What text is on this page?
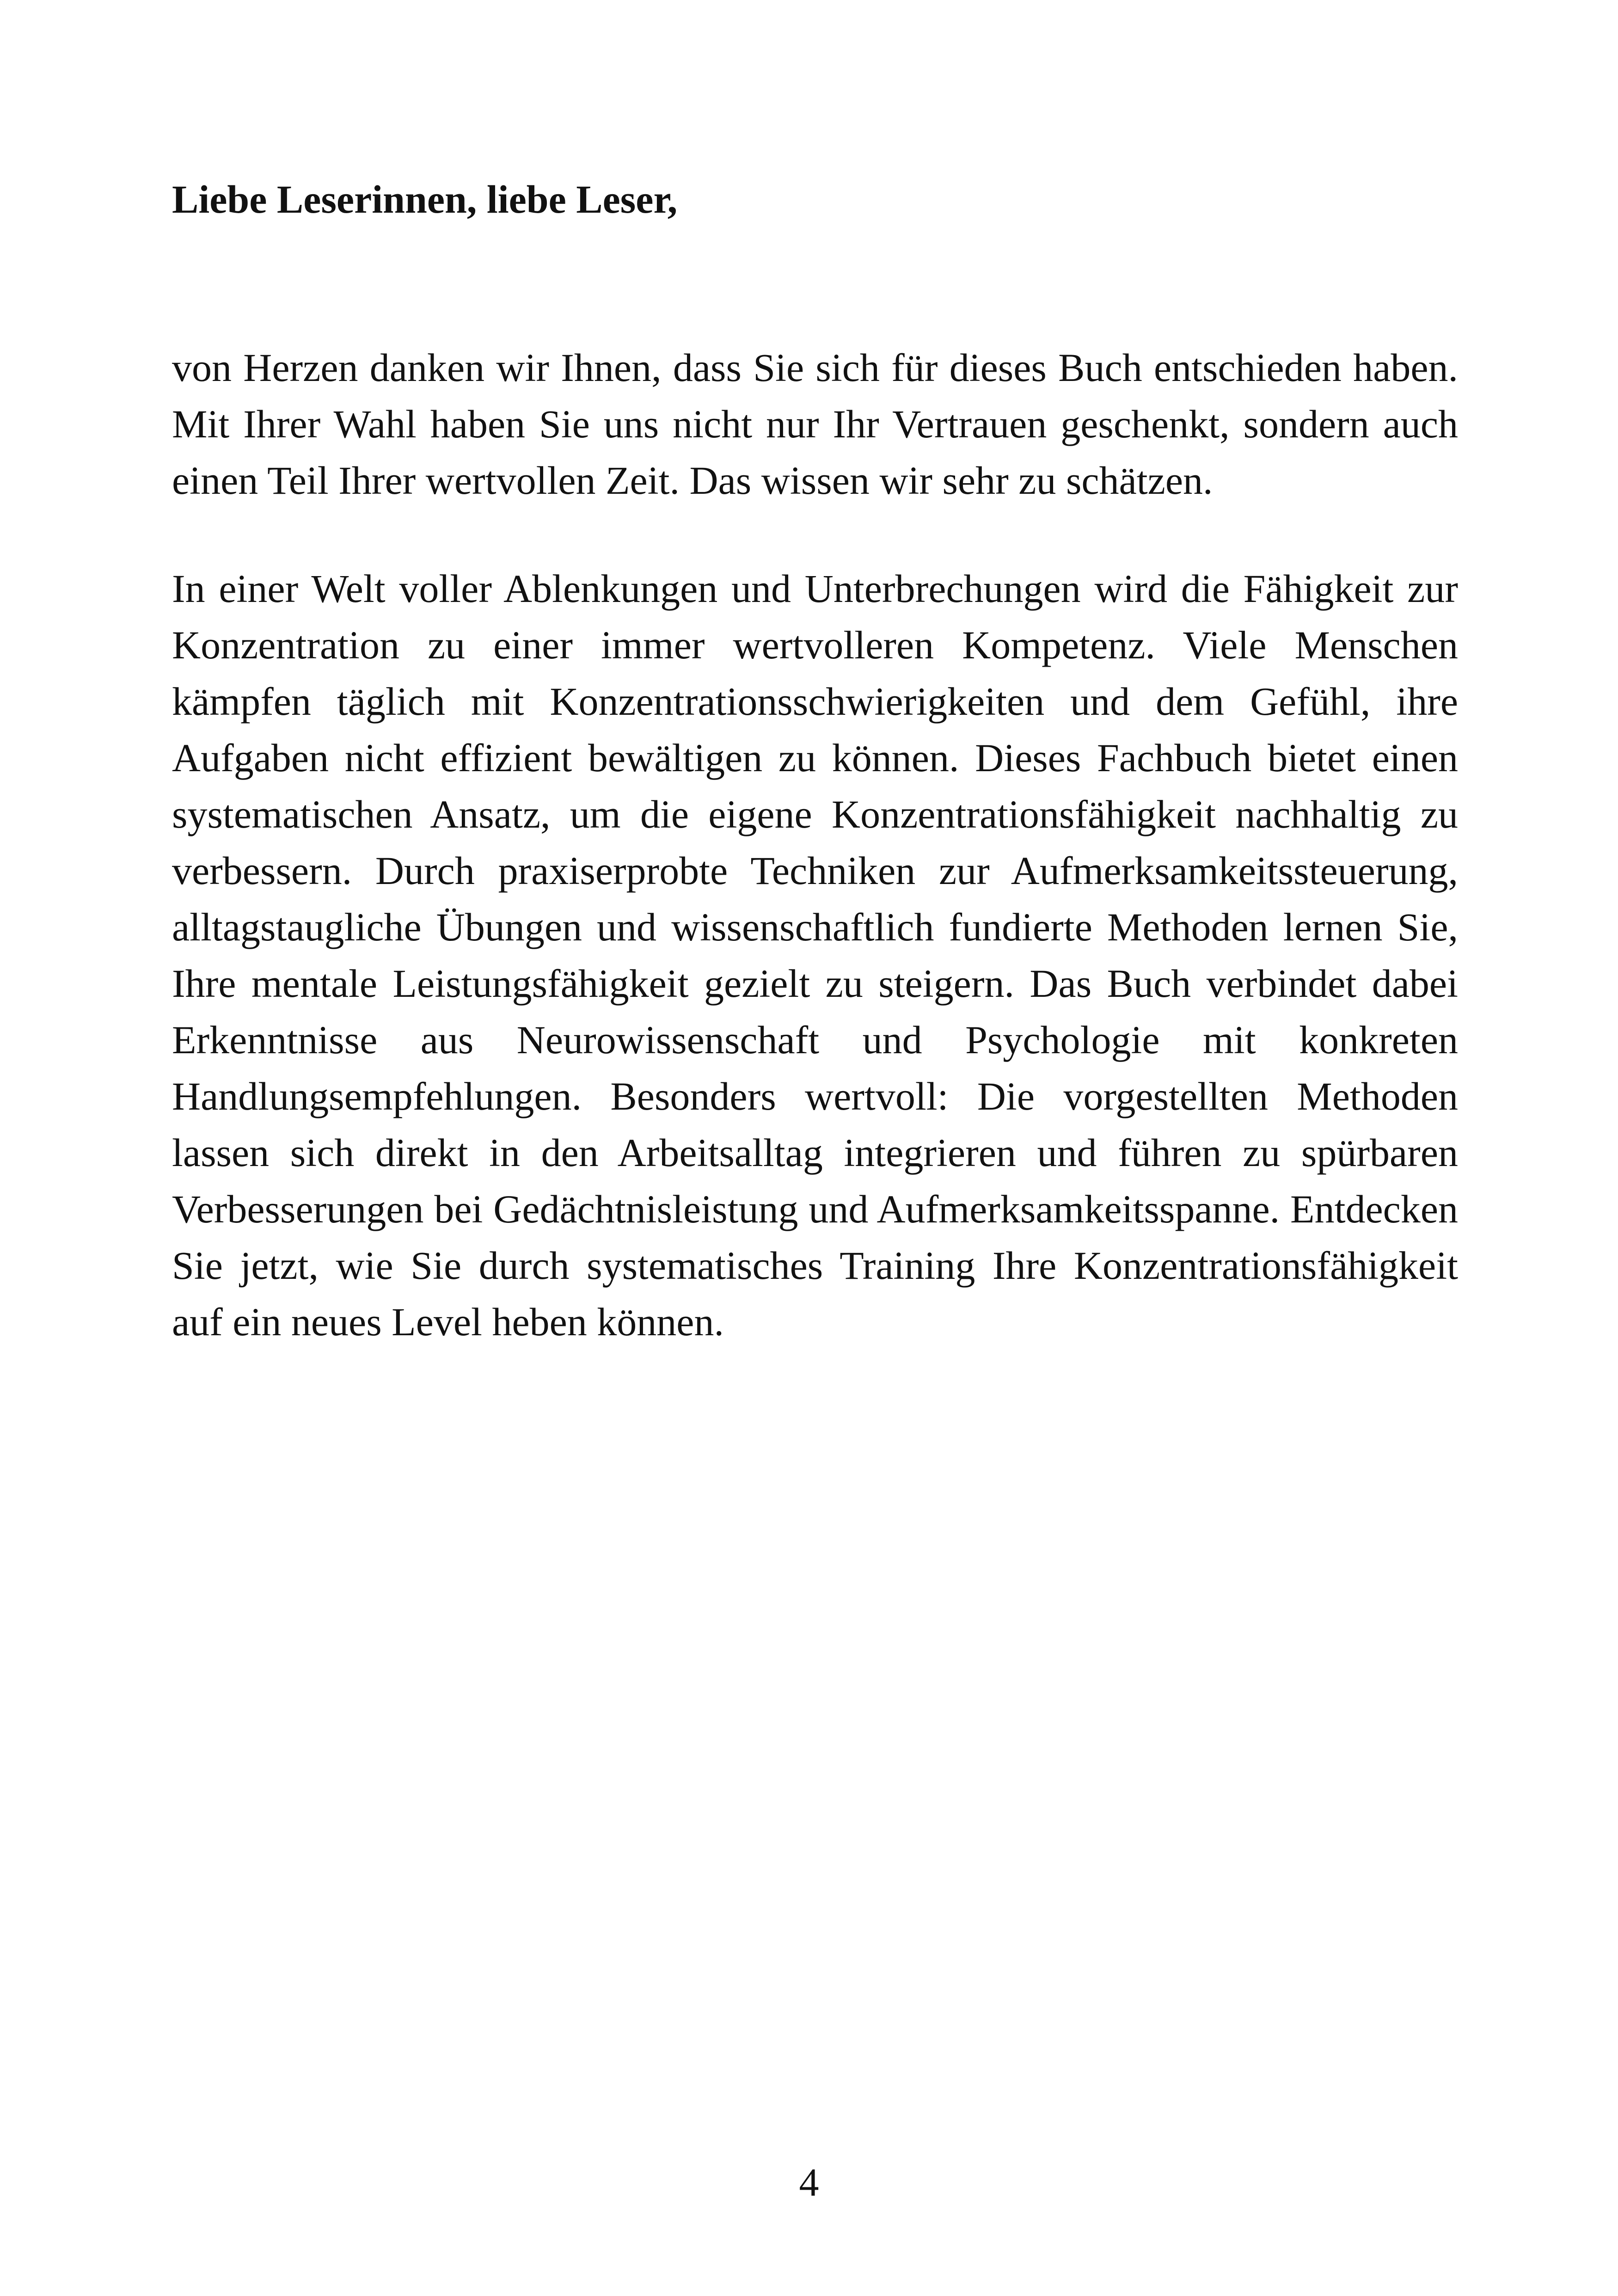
Liebe Leserinnen, liebe Leser,

von Herzen danken wir Ihnen, dass Sie sich für dieses Buch entschieden haben. Mit Ihrer Wahl haben Sie uns nicht nur Ihr Vertrauen geschenkt, sondern auch einen Teil Ihrer wertvollen Zeit. Das wissen wir sehr zu schätzen.

In einer Welt voller Ablenkungen und Unterbrechungen wird die Fähigkeit zur Konzentration zu einer immer wertvolleren Kompetenz. Viele Menschen kämpfen täglich mit Konzentrationsschwierigkeiten und dem Gefühl, ihre Aufgaben nicht effizient bewältigen zu können. Dieses Fachbuch bietet einen systematischen Ansatz, um die eigene Konzentrationsfähigkeit nachhaltig zu verbessern. Durch praxiserprobte Techniken zur Aufmerksamkeitssteuerung, alltagstaugliche Übungen und wissenschaftlich fundierte Methoden lernen Sie, Ihre mentale Leistungsfähigkeit gezielt zu steigern. Das Buch verbindet dabei Erkenntnisse aus Neurowissenschaft und Psychologie mit konkreten Handlungsempfehlungen. Besonders wertvoll: Die vorgestellten Methoden lassen sich direkt in den Arbeitsalltag integrieren und führen zu spürbaren Verbesserungen bei Gedächtnisleistung und Aufmerksamkeitsspanne. Entdecken Sie jetzt, wie Sie durch systematisches Training Ihre Konzentrationsfähigkeit auf ein neues Level heben können.

4
